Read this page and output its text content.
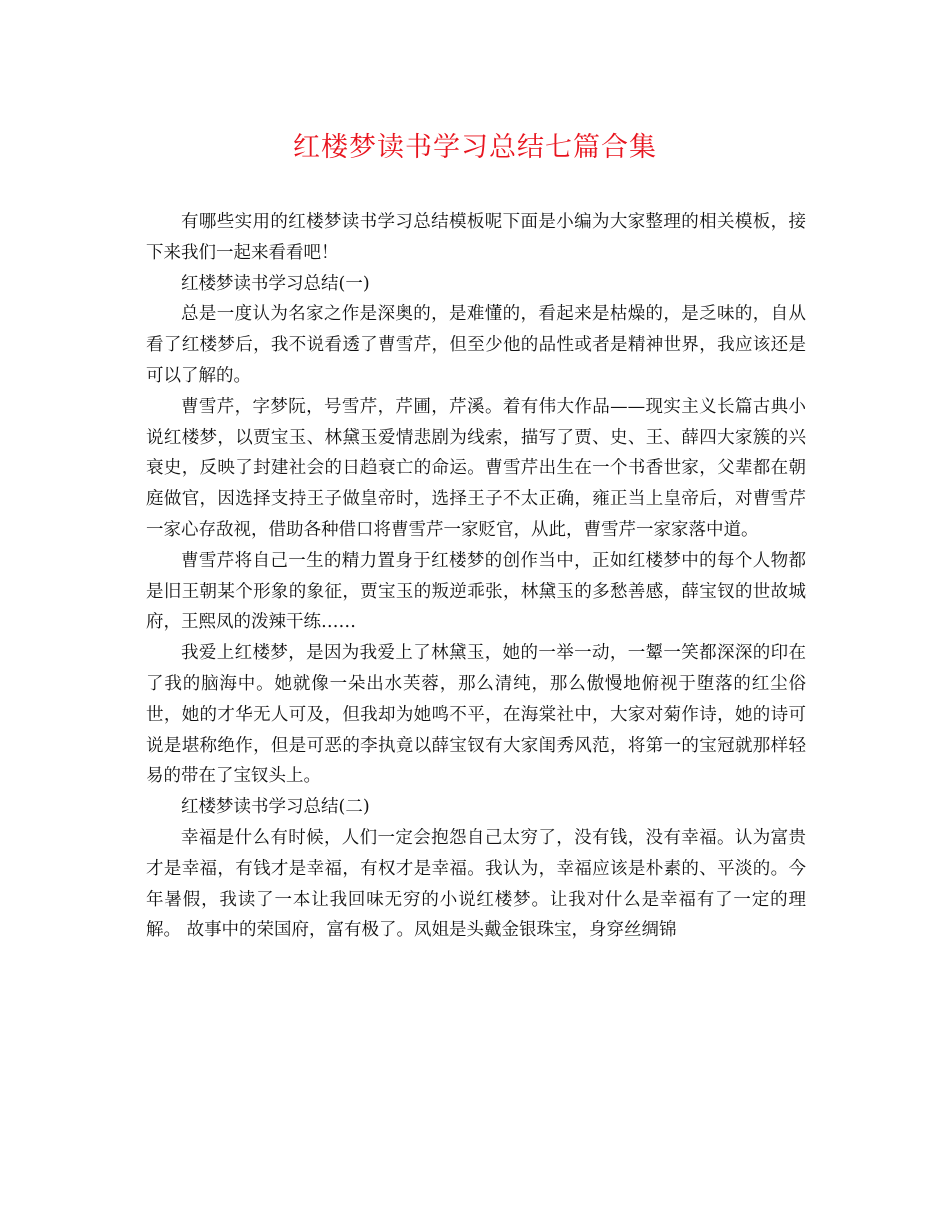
红楼梦读书学习总结七篇合集

有哪些实用的红楼梦读书学习总结模板呢下面是小编为大家整理的相关模板，接下来我们一起来看看吧！

红楼梦读书学习总结(一)

总是一度认为名家之作是深奥的，是难懂的，看起来是枯燥的，是乏味的，自从看了红楼梦后，我不说看透了曹雪芹，但至少他的品性或者是精神世界，我应该还是可以了解的。

曹雪芹，字梦阮，号雪芹，芹圃，芹溪。着有伟大作品——现实主义长篇古典小说红楼梦，以贾宝玉、林黛玉爱情悲剧为线索，描写了贾、史、王、薛四大家簇的兴衰史，反映了封建社会的日趋衰亡的命运。曹雪芹出生在一个书香世家，父辈都在朝庭做官，因选择支持王子做皇帝时，选择王子不太正确，雍正当上皇帝后，对曹雪芹一家心存敌视，借助各种借口将曹雪芹一家贬官，从此，曹雪芹一家家落中道。

曹雪芹将自己一生的精力置身于红楼梦的创作当中，正如红楼梦中的每个人物都是旧王朝某个形象的象征，贾宝玉的叛逆乖张，林黛玉的多愁善感，薛宝钗的世故城府，王熙凤的泼辣干练……

我爱上红楼梦，是因为我爱上了林黛玉，她的一举一动，一颦一笑都深深的印在了我的脑海中。她就像一朵出水芙蓉，那么清纯，那么傲慢地俯视于堕落的红尘俗世，她的才华无人可及，但我却为她鸣不平，在海棠社中，大家对菊作诗，她的诗可说是堪称绝作，但是可恶的李执竟以薛宝钗有大家闺秀风范，将第一的宝冠就那样轻易的带在了宝钗头上。

红楼梦读书学习总结(二)

幸福是什么有时候，人们一定会抱怨自己太穷了，没有钱，没有幸福。认为富贵才是幸福，有钱才是幸福，有权才是幸福。我认为，幸福应该是朴素的、平淡的。今年暑假，我读了一本让我回味无穷的小说红楼梦。让我对什么是幸福有了一定的理解。 故事中的荣国府，富有极了。凤姐是头戴金银珠宝，身穿丝绸锦
